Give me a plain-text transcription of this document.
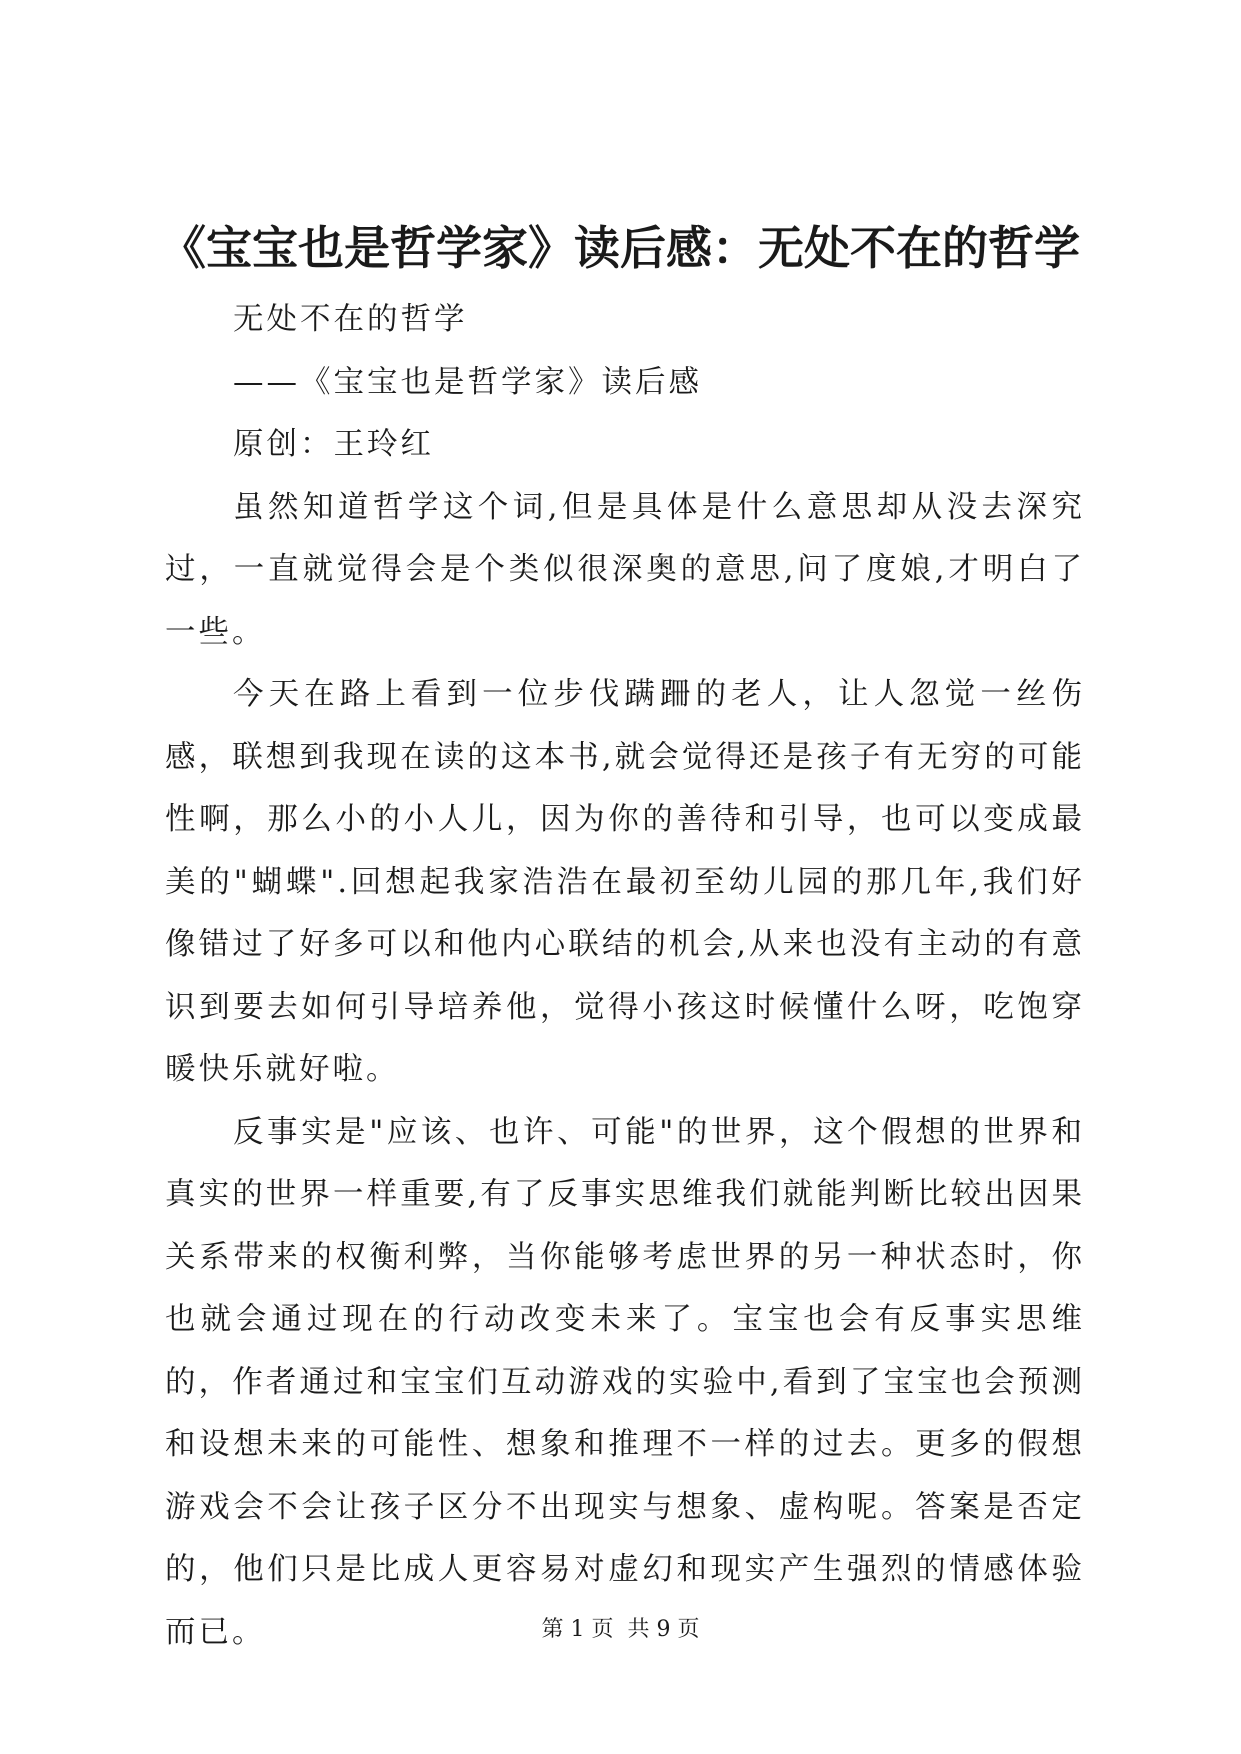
《宝宝也是哲学家》读后感：无处不在的哲学

无处不在的哲学

——《宝宝也是哲学家》读后感

原创：王玲红

虽然知道哲学这个词,但是具体是什么意思却从没去深究过，一直就觉得会是个类似很深奥的意思,问了度娘,才明白了一些。

今天在路上看到一位步伐蹒跚的老人，让人忽觉一丝伤感，联想到我现在读的这本书,就会觉得还是孩子有无穷的可能性啊，那么小的小人儿，因为你的善待和引导，也可以变成最美的"蝴蝶".回想起我家浩浩在最初至幼儿园的那几年,我们好像错过了好多可以和他内心联结的机会,从来也没有主动的有意识到要去如何引导培养他，觉得小孩这时候懂什么呀，吃饱穿暖快乐就好啦。

反事实是"应该、也许、可能"的世界，这个假想的世界和真实的世界一样重要,有了反事实思维我们就能判断比较出因果关系带来的权衡利弊，当你能够考虑世界的另一种状态时，你也就会通过现在的行动改变未来了。宝宝也会有反事实思维的，作者通过和宝宝们互动游戏的实验中,看到了宝宝也会预测和设想未来的可能性、想象和推理不一样的过去。更多的假想游戏会不会让孩子区分不出现实与想象、虚构呢。答案是否定的，他们只是比成人更容易对虚幻和现实产生强烈的情感体验而已。	第 1 页  共 9 页
